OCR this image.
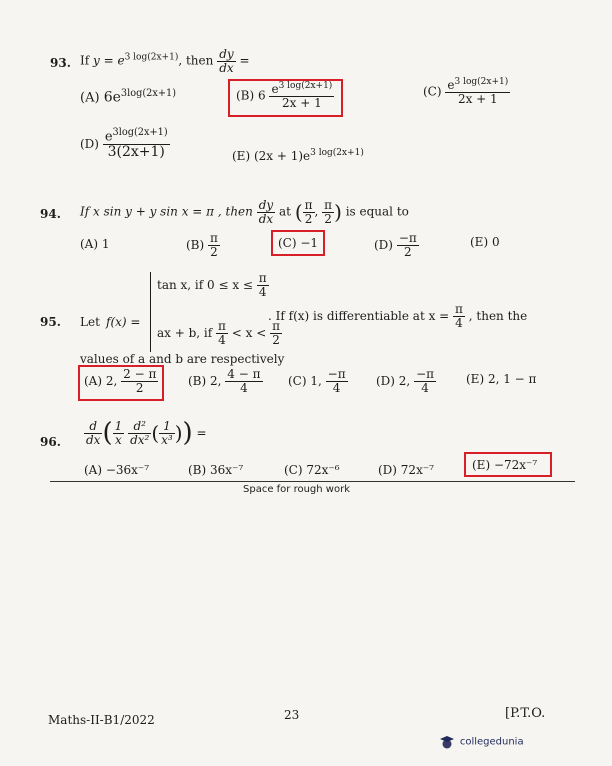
93. If $y = e^{3 log(2x+1)}$, then $\frac{dy}{dx}$ =
(A) $6e^{3log(2x+1)}$	(B) $6 \frac{e^{3 log(2x+1)}}{2x + 1}$	$(C) \frac{e^{3 log(2x+1)}}{2x + 1}$
$(D) \frac{e^{3log(2x+1)}}{3(2x+1)}$	(E) $(2x + 1)e^{3 log(2x+1)}$
94. If x sin y + y sin x = π , then $\frac{dy}{dx}$ at ( $\frac{\pi}{2}$ , $\frac{\pi}{2}$ ) is equal to
(A) 1	$(B) \frac{\pi}{2}$	(C) −1	$(D) \frac{-\pi}{2}$	(E) 0
95. Let f(x) =
tan x, if $0 \le x \le \frac{\pi}{4}$
ax + b, if $\frac{\pi}{4} < x < \frac{\pi}{2}$
. If f(x) is differentiable at $x = \frac{\pi}{4}$ , then the
values of a and b are respectively
(A) 2, $\frac{2 - \pi}{2} (B)$ 2, $\frac{4 - \pi}{4} (C)$ 1, $\frac{-\pi}{4} (D)$ 2, $\frac{-\pi}{4} (E)$ 2, 1 − π
96. $\frac{d}{dx}$ ( $\frac{1}{x}$
$\frac{\text{d²}}{\text{dx²}}$ ( $\frac{1}{\text{x³}}$ )) =
(A) −36x⁻⁷	(B) 36x⁻⁷	(C) 72x⁻⁶	(D) 72x⁻⁷	(E) −72x⁻⁷
Space for rough work
Maths-II-B1/2022	23	[P.T.O.
collegedunia
